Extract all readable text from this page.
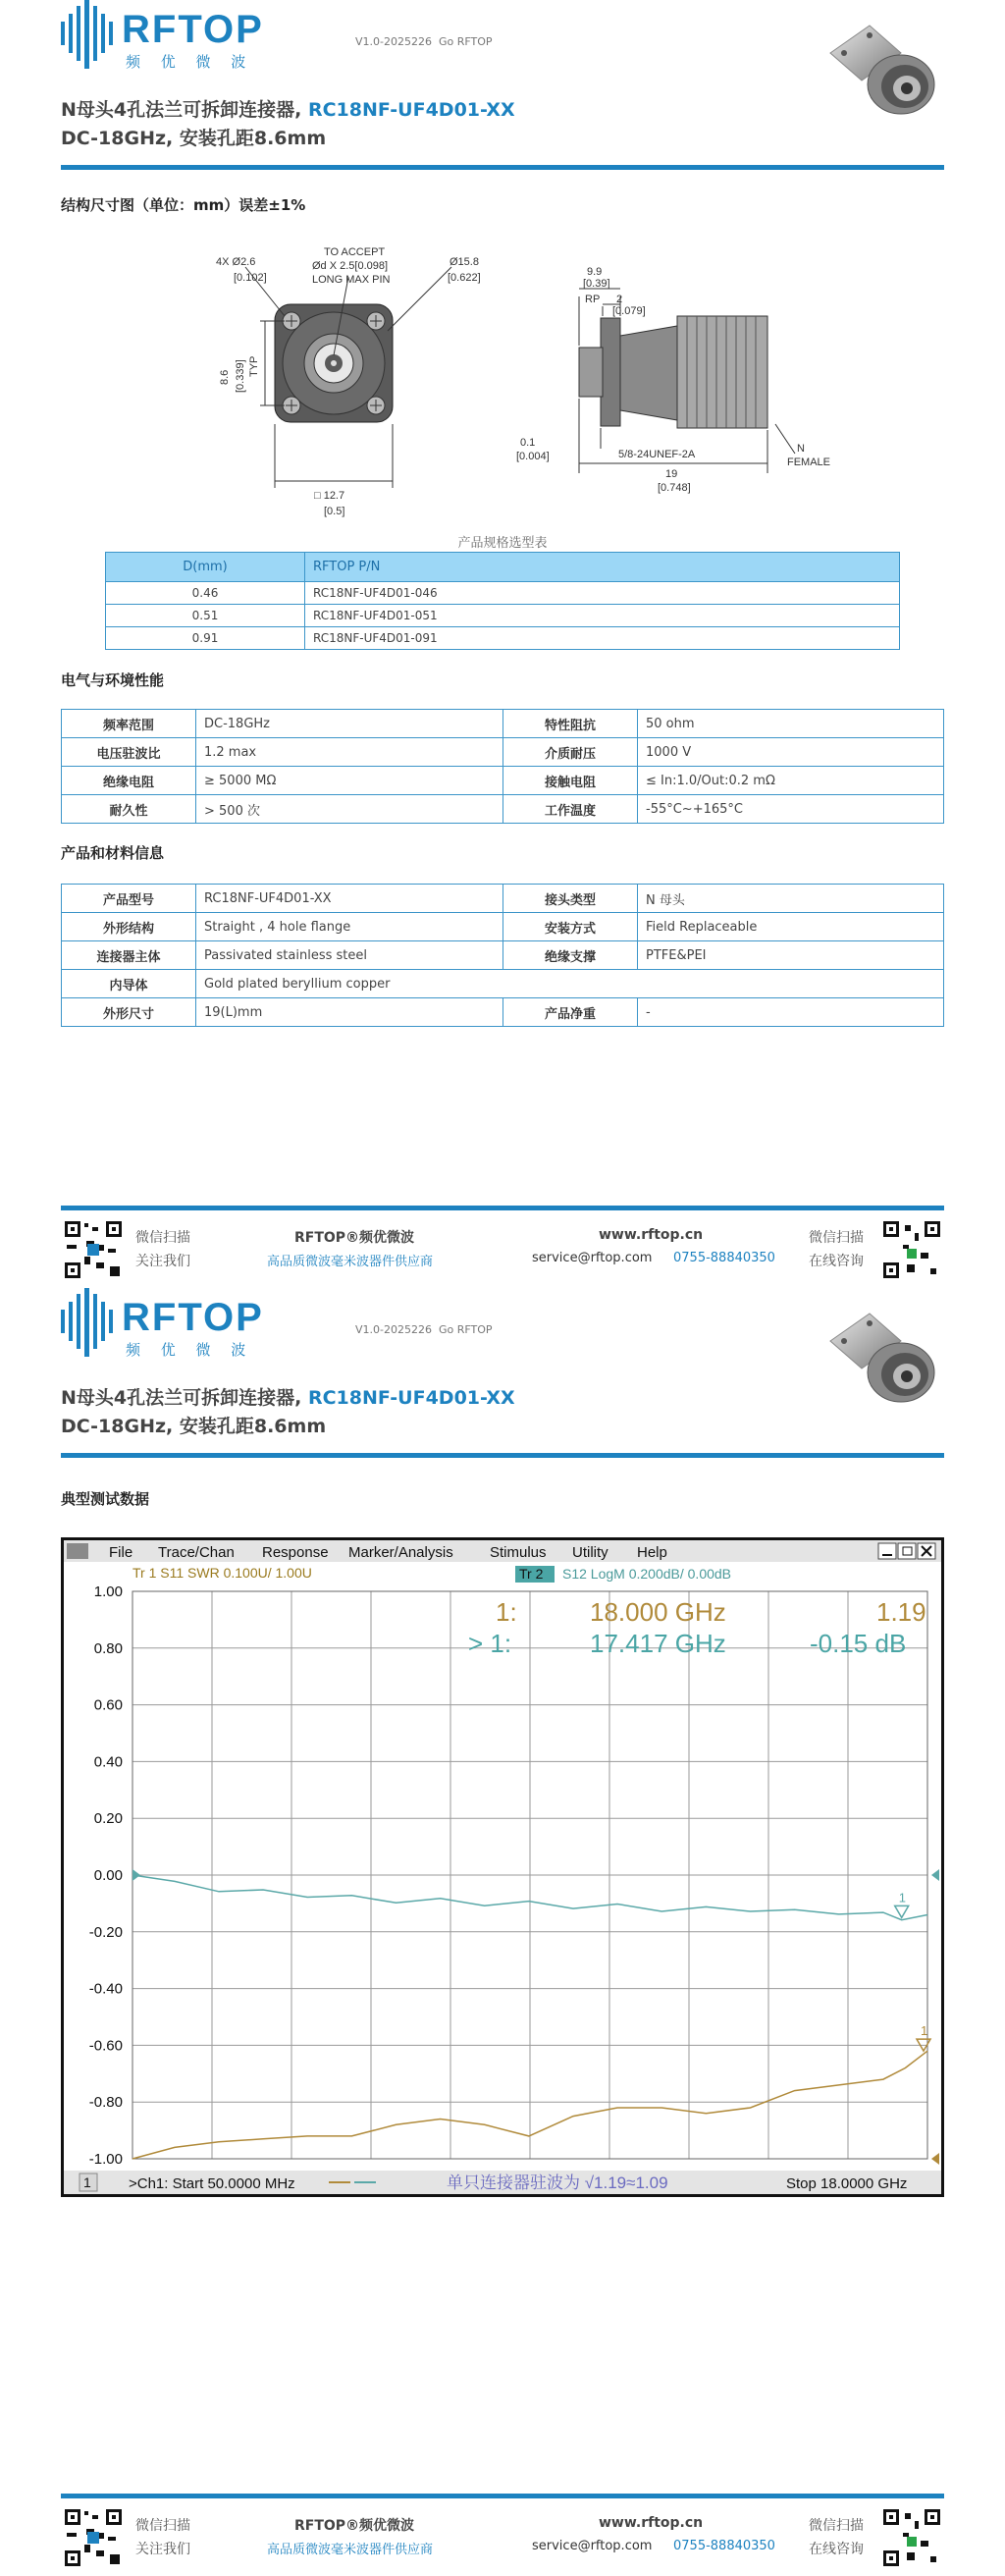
RFTOP
频 优 微 波
V1.0-2025226 Go RFTOP
N母头4孔法兰可拆卸连接器, RC18NF-UF4D01-XX
DC-18GHz, 安装孔距8.6mm
结构尺寸图（单位：mm）误差±1%
4X Ø2.6
[0.102]
TO ACCEPT
Ød X 2.5[0.098]
LONG MAX PIN
Ø15.8
[0.622]
8.6 [0.339] TYP
□ 12.7
[0.5]
9.9
[0.39]
RP 2
[0.079]
0.1
[0.004]	5/8-24UNEF-2A
19
[0.748]
N
FEMALE
产品规格选型表
D(mm)	RFTOP P/N
0.46	RC18NF-UF4D01-046
0.51	RC18NF-UF4D01-051
0.91	RC18NF-UF4D01-091
电气与环境性能
频率范围	DC-18GHz	特性阻抗	50 ohm
电压驻波比	1.2 max	介质耐压	1000 V
绝缘电阻	≥ 5000 MΩ	接触电阻	≤ In:1.0/Out:0.2 mΩ
耐久性	> 500 次	工作温度	-55°C~+165°C
产品和材料信息
产品型号	RC18NF-UF4D01-XX	接头类型	N 母头
外形结构	Straight , 4 hole flange	安装方式	Field Replaceable
连接器主体	Passivated stainless steel	绝缘支撑	PTFE&PEI
内导体	Gold plated beryllium copper		
外形尺寸	19(L)mm	产品净重	-
微信扫描
关注我们
RFTOP®频优微波
高品质微波毫米波器件供应商
www.rftop.cn
service@rftop.com 0755-88840350
微信扫描
在线咨询
RFTOP
频 优 微 波
V1.0-2025226 Go RFTOP
N母头4孔法兰可拆卸连接器, RC18NF-UF4D01-XX
DC-18GHz, 安装孔距8.6mm
典型测试数据
File Trace/Chan Response Marker/Analysis Stimulus Utility Help
Tr 1 S11 SWR 0.100U/ 1.00U	Tr 2 S12 LogM 0.200dB/ 0.00dB
1.00
0.80
0.60
0.40
0.20
0.00
-0.20
-0.40
-0.60
-0.80
-1.00
1
1
1:	18.000 GHz	1.19
> 1:	17.417 GHz	-0.15 dB
1	>Ch1: Start 50.0000 MHz	单只连接器驻波为 √1.19≈1.09	Stop 18.0000 GHz
微信扫描
关注我们
RFTOP®频优微波
高品质微波毫米波器件供应商
www.rftop.cn
service@rftop.com 0755-88840350
微信扫描
在线咨询
